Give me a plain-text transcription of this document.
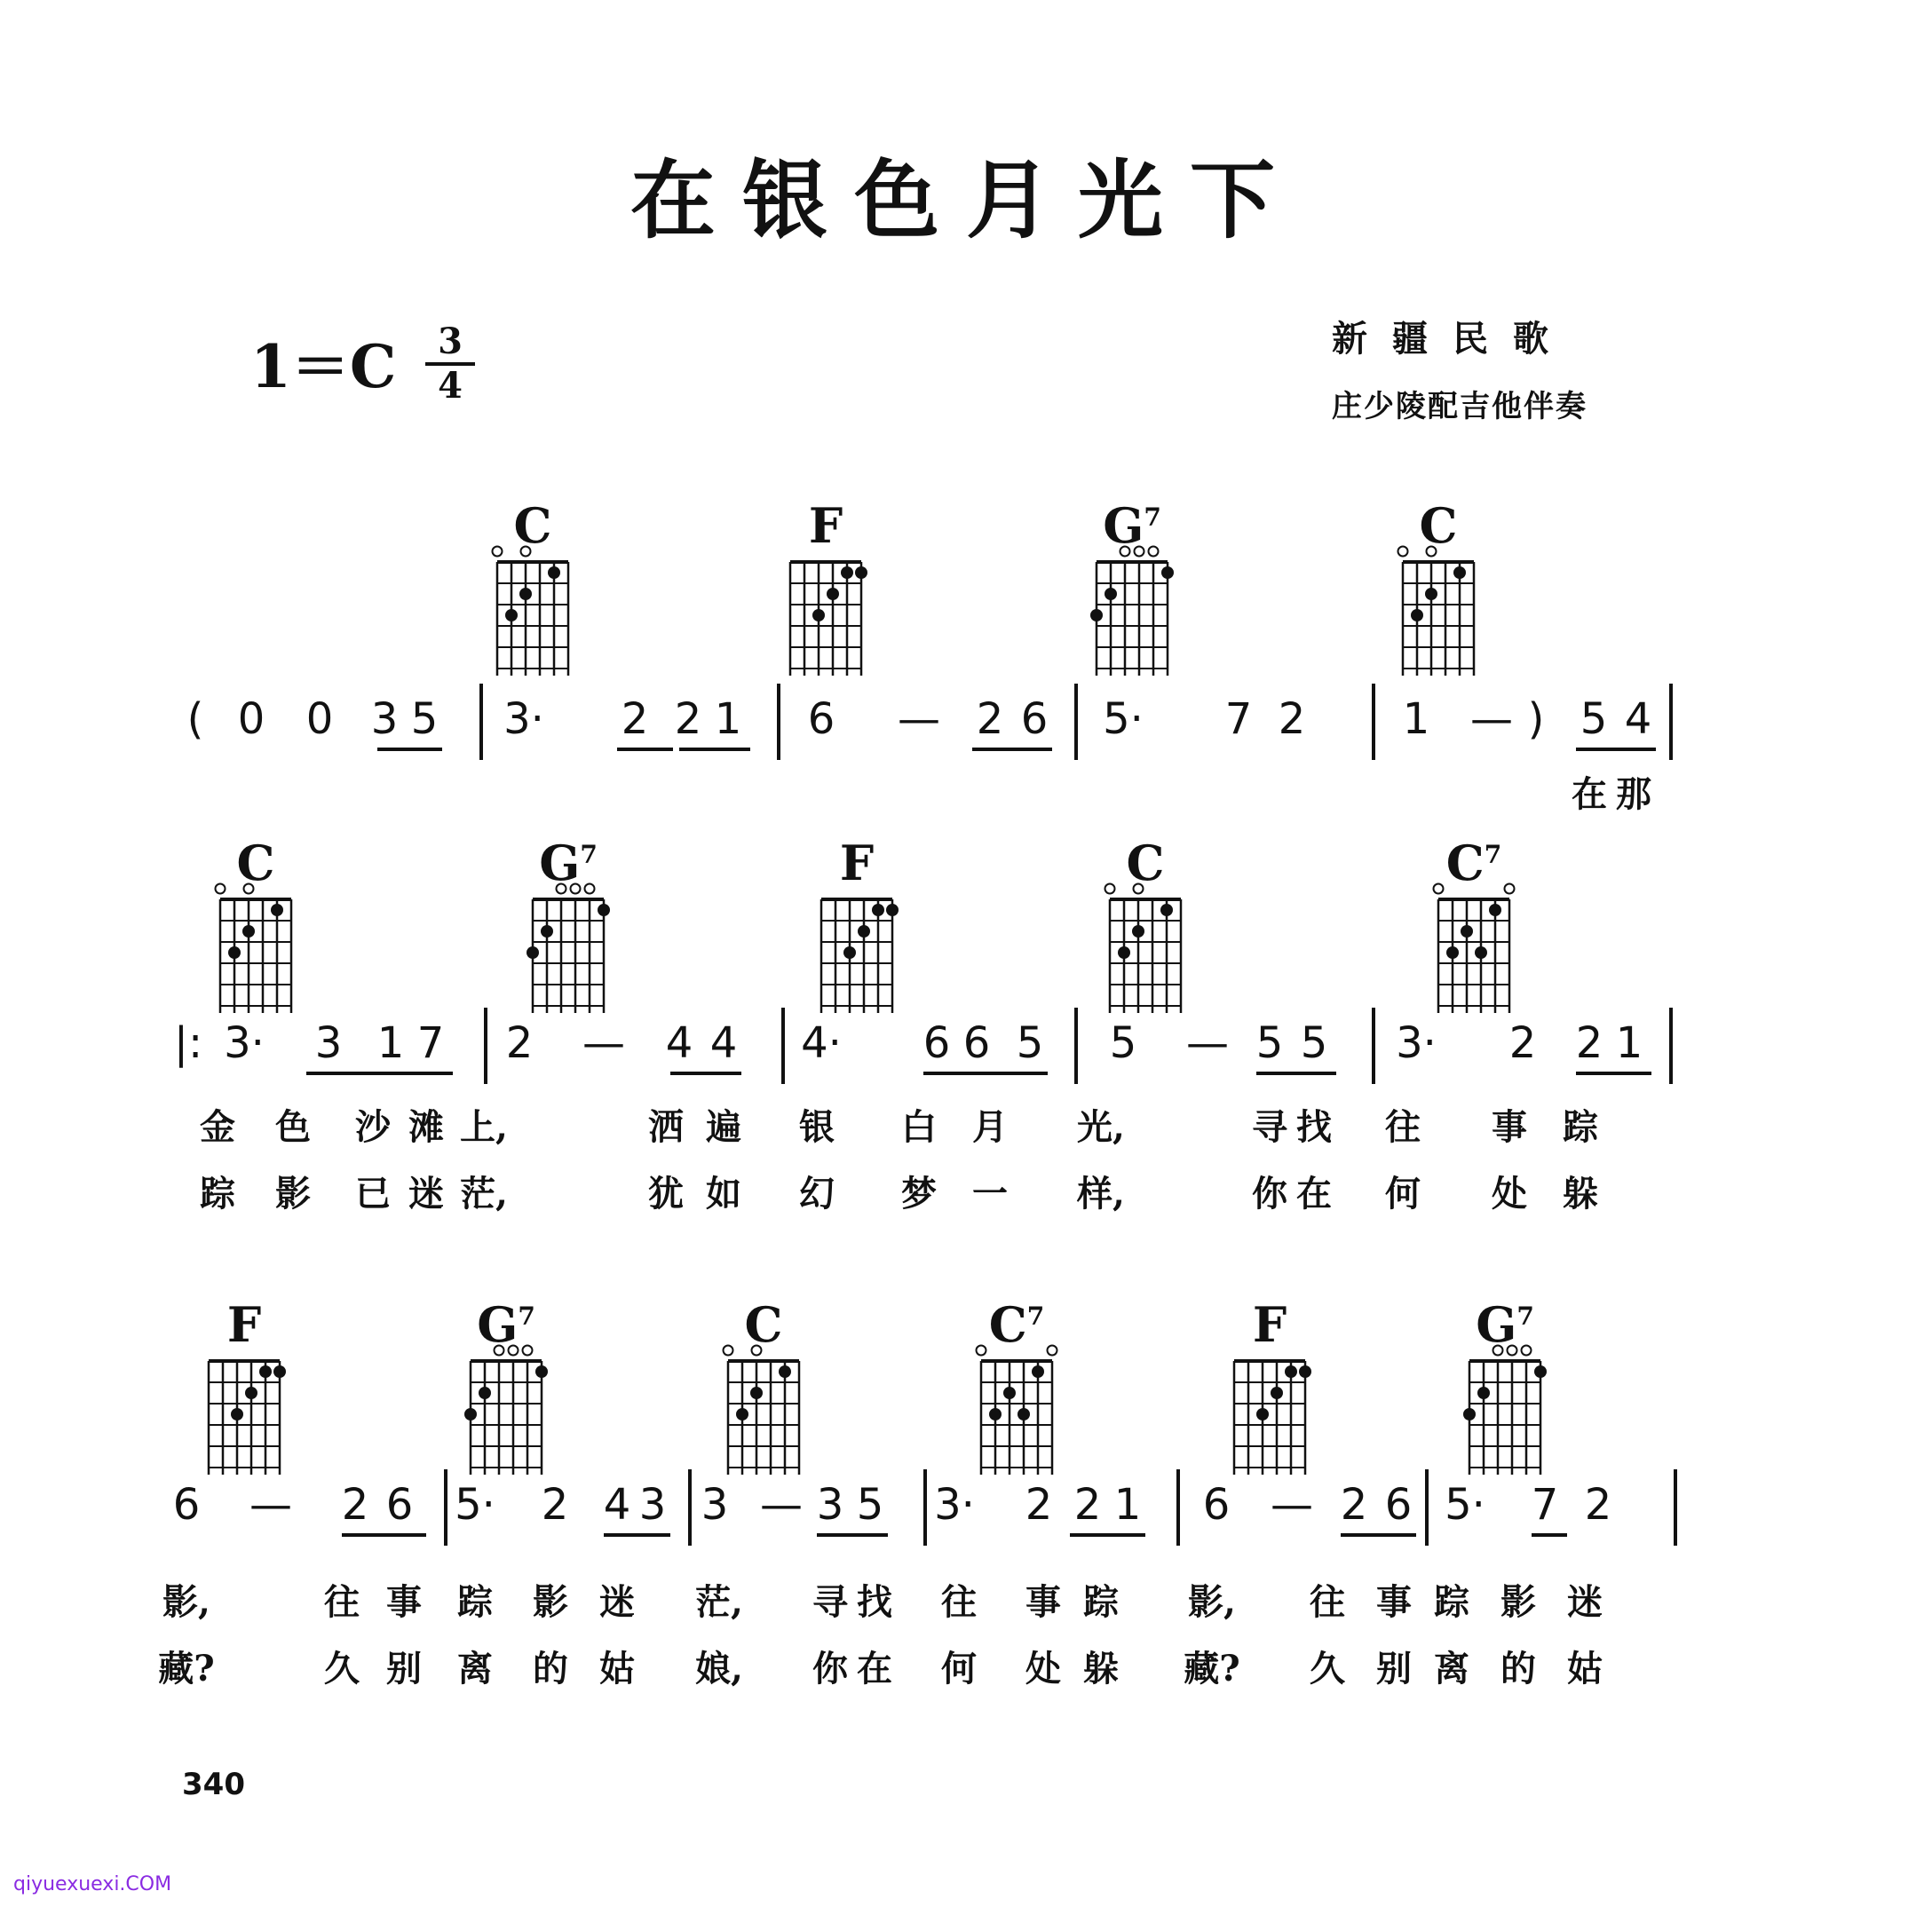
在银色月光下
1＝C 3
4
新疆民歌
庄少陵配吉他伴奏
C	F	$G^7$	C
( 0 0 3 5	3·	2 2 1	6	— 2 6	5·	7 2	1 — ) 5 4
在 那
C	$G^7$	F	C	$C^7$
|: 3·	3 1 7	2	— 4 4	4·	6 6 5	5	— 5 5	3·	2 2 1
金	色	沙 滩 上,	洒 遍	银	白	月	光,	寻 找	往	事	踪
踪	影	已 迷 茫,	犹 如	幻	梦	一	样,	你 在	何	处	躲
F	$G^7$	C	$C^7$	F	$G^7$
6	—	2 6 5·	2 4 3 3 — 3 5	3·	2 2 1	6 — 2 6 5·	7 2
影,	往 事	踪	影 迷	茫,	寻 找	往	事 踪	影,	往 事 踪 影 迷
藏?	久 别	离	的 姑	娘,	你 在	何	处 躲	藏?	久 别 离 的 姑
340
qiyuexuexi.COM
